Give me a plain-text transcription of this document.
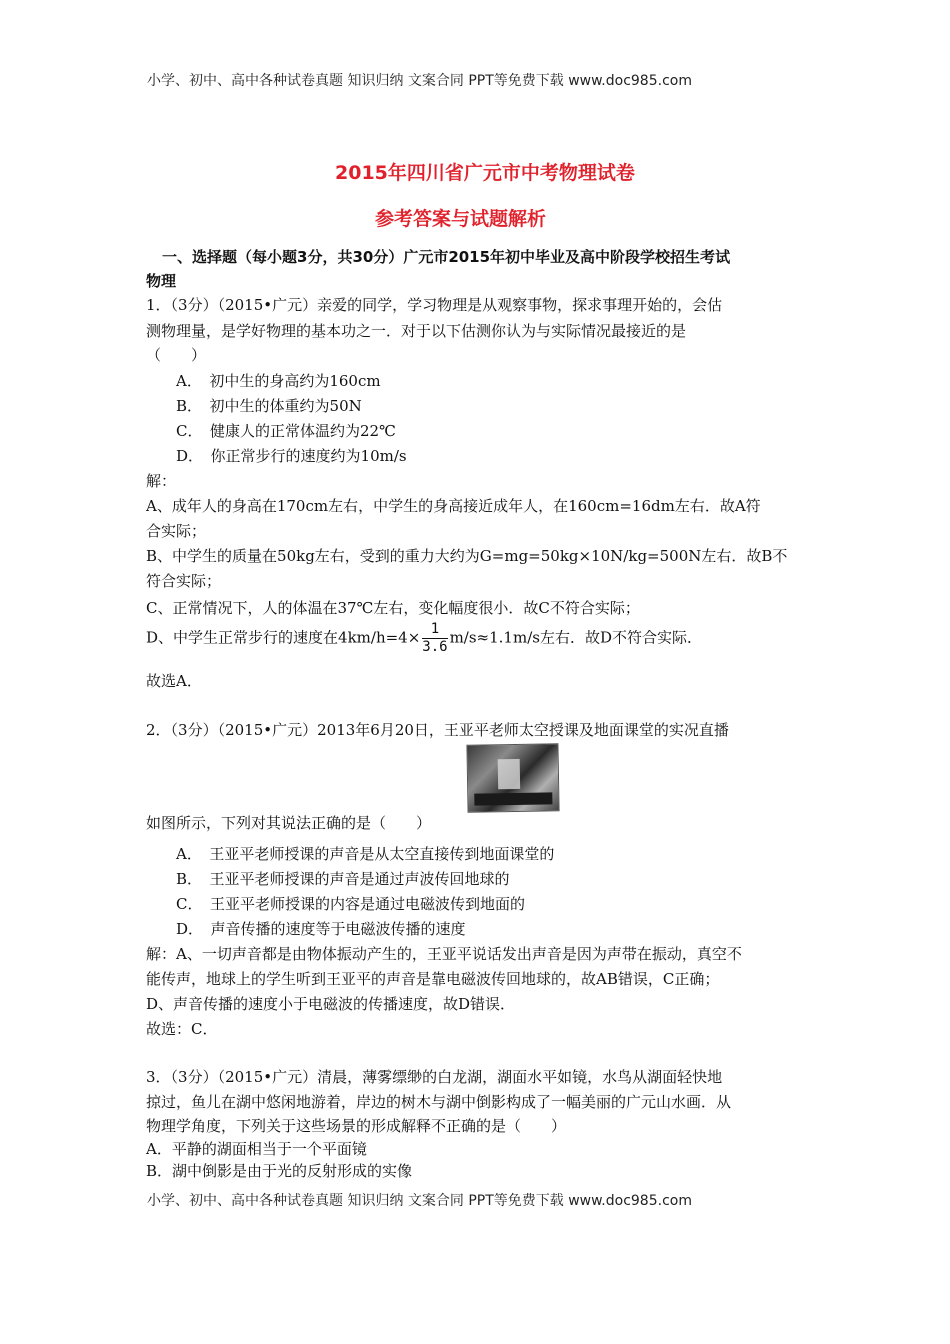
小学、初中、高中各种试卷真题 知识归纳 文案合同 PPT等免费下载 www.doc985.com
2015年四川省广元市中考物理试卷
参考答案与试题解析
一、选择题（每小题3分，共30分）广元市2015年初中毕业及高中阶段学校招生考试
物理
1．（3分）（2015•广元）亲爱的同学，学习物理是从观察事物，探求事理开始的，会估
测物理量，是学好物理的基本功之一．对于以下估测你认为与实际情况最接近的是
（　　）
A．　初中生的身高约为160cm
B．　初中生的体重约为50N
C．　健康人的正常体温约为22℃
D．　你正常步行的速度约为10m/s
解：
A、成年人的身高在170cm左右，中学生的身高接近成年人，在160cm=16dm左右．故A符
合实际；
B、中学生的质量在50kg左右，受到的重力大约为G=mg=50kg×10N/kg=500N左右．故B不
符合实际；
C、正常情况下，人的体温在37℃左右，变化幅度很小．故C不符合实际；
D、中学生正常步行的速度在$4km/h=4\times \frac{1}{3.6} m/s\approx 1.1m/s$左右．故D不符合实际．
故选A．
2．（3分）（2015•广元）2013年6月20日，王亚平老师太空授课及地面课堂的实况直播
如图所示，下列对其说法正确的是（　　）
A．　王亚平老师授课的声音是从太空直接传到地面课堂的
B．　王亚平老师授课的声音是通过声波传回地球的
C．　王亚平老师授课的内容是通过电磁波传到地面的
D．　声音传播的速度等于电磁波传播的速度
解：A、一切声音都是由物体振动产生的，王亚平说话发出声音是因为声带在振动，真空不
能传声，地球上的学生听到王亚平的声音是靠电磁波传回地球的，故AB错误，C正确；
D、声音传播的速度小于电磁波的传播速度，故D错误．
故选：C．
3．（3分）（2015•广元）清晨，薄雾缥缈的白龙湖，湖面水平如镜，水鸟从湖面轻快地
掠过，鱼儿在湖中悠闲地游着，岸边的树木与湖中倒影构成了一幅美丽的广元山水画．从
物理学角度，下列关于这些场景的形成解释不正确的是（　　）
A．平静的湖面相当于一个平面镜
B．湖中倒影是由于光的反射形成的实像
小学、初中、高中各种试卷真题 知识归纳 文案合同 PPT等免费下载 www.doc985.com
